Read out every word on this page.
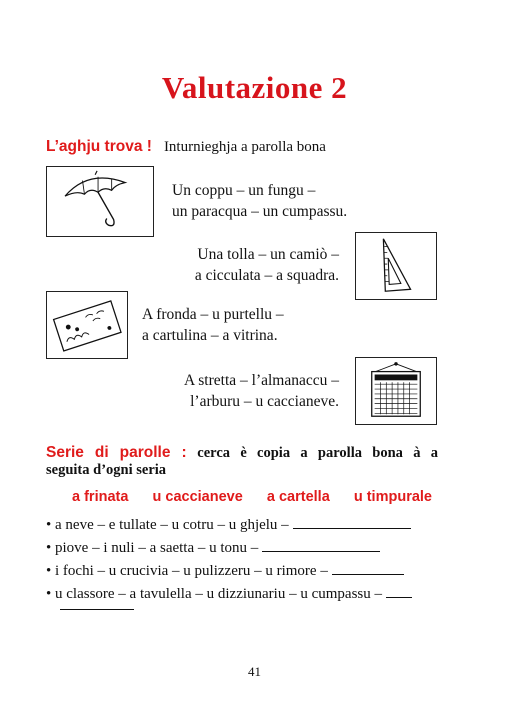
Valutazione 2
L’aghju trova ! Inturnieghja a parolla bona
Un coppu – un fungu –
un paracqua – un cumpassu.
Una tolla – un camiò –
a cicculata – a squadra.
A fronda – u purtellu –
a cartulina – a vitrina.
A stretta – l’almanaccu –
l’arburu – u caccianeve.
Serie di parolle : cerca è copia a parolla bona à a
seguita d’ogni seria
a frinata u caccianeve a cartella u timpurale
• a neve – e tullate – u cotru – u ghjelu –
• piove – i nuli – a saetta – u tonu –
• i fochi – u crucivia – u pulizzeru – u rimore –
• u classore – a tavulella – u dizziunariu – u cumpassu –
41
